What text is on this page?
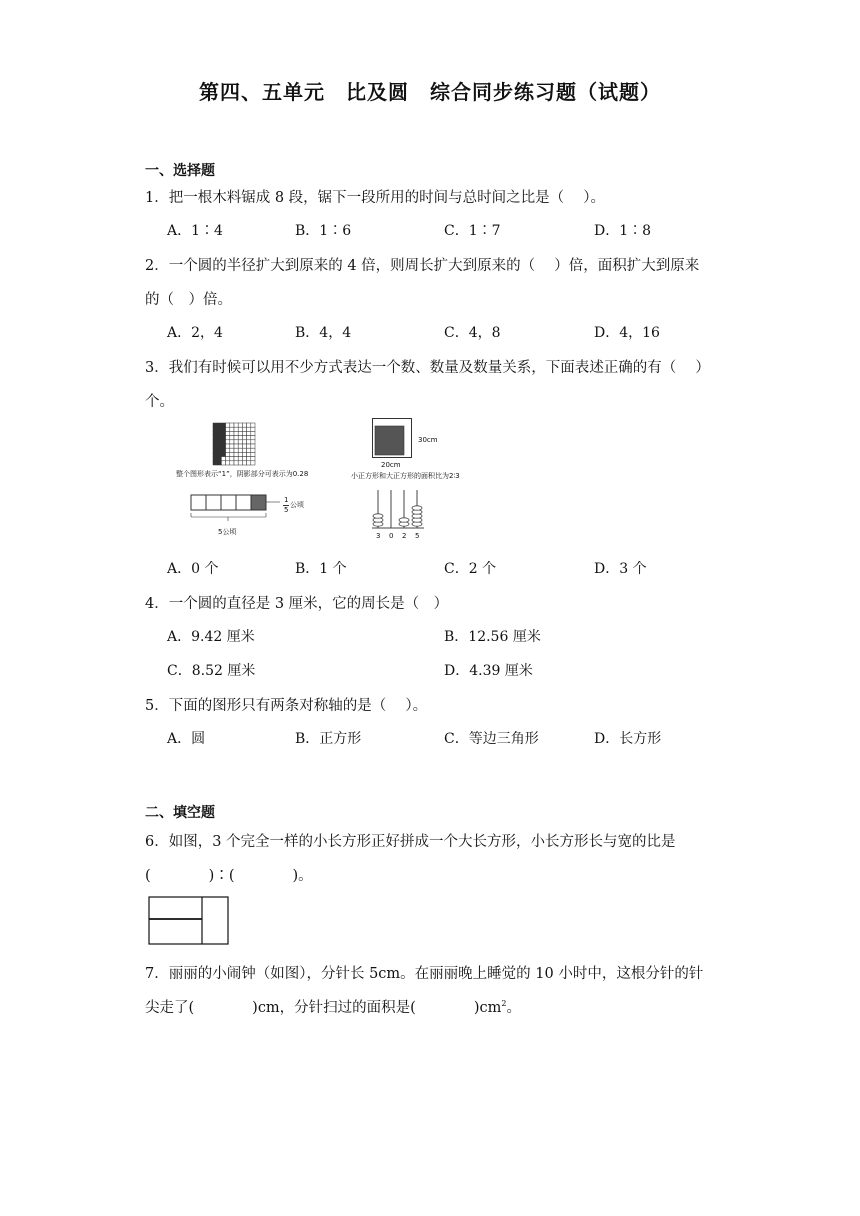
第四、五单元　比及圆　综合同步练习题（试题）
一、选择题
1．把一根木料锯成 8 段，锯下一段所用的时间与总时间之比是（　 ）。
A．1∶4	B．1∶6	C．1∶7	D．1∶8
2．一个圆的半径扩大到原来的 4 倍，则周长扩大到原来的（　 ）倍，面积扩大到原来
的（　）倍。
A．2，4	B．4，4	C．4，8	D．4，16
3．我们有时候可以用不少方式表达一个数、数量及数量关系，下面表述正确的有（　 ）
个。
整个图形表示“1”，阴影部分可表示为0.28
1
5
公顷
5公顷
30cm
20cm
小正方形和大正方形的面积比为2∶3
3 0 2 5
A．0 个	B．1 个	C．2 个	D．3 个
4．一个圆的直径是 3 厘米，它的周长是（　）
A．9.42 厘米	B．12.56 厘米
C．8.52 厘米	D．4.39 厘米
5．下面的图形只有两条对称轴的是（　 ）。
A．圆	B．正方形	C．等边三角形	D．长方形
二、填空题
6．如图，3 个完全一样的小长方形正好拼成一个大长方形，小长方形长与宽的比是
(　　　　)∶(　　　　)。
7．丽丽的小闹钟（如图），分针长 5cm。在丽丽晚上睡觉的 10 小时中，这根分针的针
尖走了(　　　　)cm，分针扫过的面积是(　　　　)$cm^2$。
